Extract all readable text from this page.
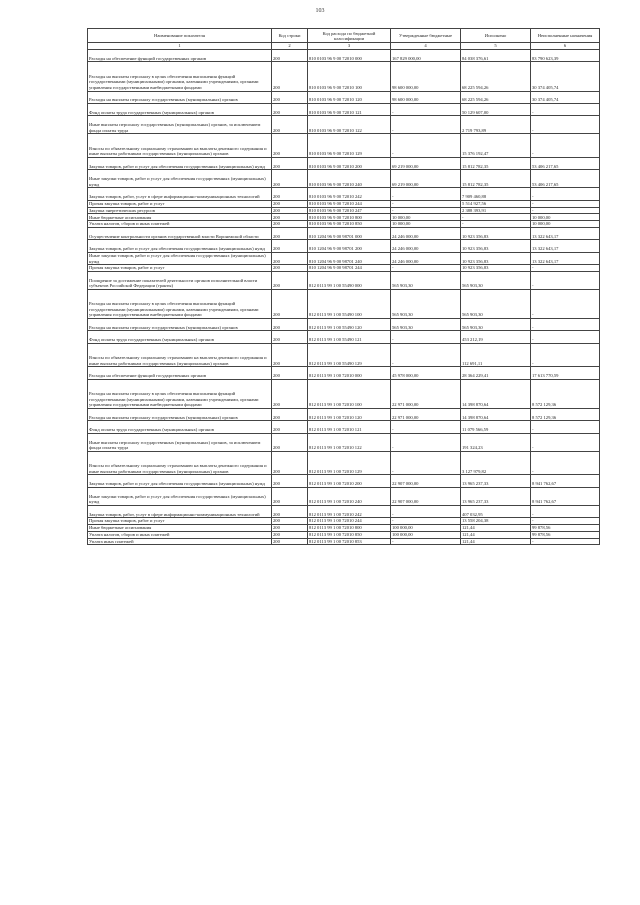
103
Наименование показателя	Код строки	Код расхода по бюджетной классификации	Утвержденные бюджетные	Исполнено	Неисполненные назначения
1	2	3	4	5	6
Расходы на обеспечение функций государственных органов	200	810 0103 96 9 00 72010 000	167 829 000,00	84 038 376,61	83 790 623,39
Расходы на выплаты персоналу в целях обеспечения выполнения функций государственными (муниципальными) органами, казенными учреждениями, органами управления государственными внебюджетными фондами	200	810 0103 96 9 00 72010 100	98 600 000,00	68 225 594,26	30 374 405,74
Расходы на выплаты персоналу государственных (муниципальных) органов	200	810 0103 96 9 00 72010 120	98 600 000,00	68 225 594,26	30 374 405,74
Фонд оплаты труда государственных (муниципальных) органов	200	810 0103 96 9 00 72010 121	-	50 129 607,00	-
Иные выплаты персоналу государственных (муниципальных) органов, за исключением фонда оплаты труда	200	810 0103 96 9 00 72010 122	-	2 719 793,89	-
Взносы по обязательному социальному страхованию на выплаты денежного содержания и иные выплаты работникам государственных (муниципальных) органов	200	810 0103 96 9 00 72010 129	-	15 376 192,47	-
Закупка товаров, работ и услуг для обеспечения государственных (муниципальных) нужд	200	810 0103 96 9 00 72010 200	69 219 000,00	15 812 782,35	53 406 217,65
Иные закупки товаров, работ и услуг для обеспечения государственных (муниципальных) нужд	200	810 0103 96 9 00 72010 240	69 219 000,00	15 812 782,35	53 406 217,65
Закупка товаров, работ, услуг в сфере информационно-коммуникационных технологий	200	810 0103 96 9 00 72010 242	-	7 909 460,88	-
Прочая закупка товаров, работ и услуг	200	810 0103 96 9 00 72010 244	-	5 514 927,56	-
Закупка энергетических ресурсов	200	810 0103 96 9 00 72010 247	-	2 388 393,91	-
Иные бюджетные ассигнования	200	810 0103 96 9 00 72010 800	10 000,00	-	10 000,00
Уплата налогов, сборов и иных платежей	200	810 0103 96 9 00 72010 850	10 000,00	-	10 000,00
Осуществление контрольности органов государственной власти Воронежской области	200	810 1204 96 9 00 98701 000	24 246 000,00	10 923 356,83	13 322 643,17
Закупка товаров, работ и услуг для обеспечения государственных (муниципальных) нужд	200	810 1204 96 9 00 98701 200	24 246 000,00	10 923 356,83	13 322 643,17
Иные закупки товаров, работ и услуг для обеспечения государственных (муниципальных) нужд	200	810 1204 96 9 00 98701 240	24 246 000,00	10 923 356,83	13 322 643,17
Прочая закупка товаров, работ и услуг	200	810 1204 96 9 00 98701 244	-	10 923 356,83	-
Поощрение за достижение показателей деятельности органов исполнительной власти субъектов Российской Федерации (гранты)	200	812 0113 99 1 00 55490 000	565 903,30	565 903,30	-
Расходы на выплаты персоналу в целях обеспечения выполнения функций государственными (муниципальными) органами, казенными учреждениями, органами управления государственными внебюджетными фондами	200	812 0113 99 1 00 55490 100	565 903,30	565 903,30	-
Расходы на выплаты персоналу государственных (муниципальных) органов	200	812 0113 99 1 00 55490 120	565 903,30	565 903,30	-
Фонд оплаты труда государственных (муниципальных) органов	200	812 0113 99 1 00 55490 121	-	453 212,19	-
Взносы по обязательному социальному страхованию на выплаты денежного содержания и иные выплаты работникам государственных (муниципальных) органов	200	812 0113 99 1 00 55490 129	-	112 691,11	-
Расходы на обеспечение функций государственных органов	200	812 0113 99 1 00 72010 000	45 978 000,00	28 364 229,41	17 613 770,59
Расходы на выплаты персоналу в целях обеспечения выполнения функций государственными (муниципальными) органами, казенными учреждениями, органами управления государственными внебюджетными фондами	200	812 0113 99 1 00 72010 100	22 971 000,00	14 398 870,64	8 572 129,36
Расходы на выплаты персоналу государственных (муниципальных) органов	200	812 0113 99 1 00 72010 120	22 971 000,00	14 398 870,64	8 572 129,36
Фонд оплаты труда государственных (муниципальных) органов	200	812 0113 99 1 00 72010 121	-	11 079 566,59	-
Иные выплаты персоналу государственных (муниципальных) органов, за исключением фонда оплаты труда	200	812 0113 99 1 00 72010 122	-	191 324,23	-
Взносы по обязательному социальному страхованию на выплаты денежного содержания и иные выплаты работникам государственных (муниципальных) органов	200	812 0113 99 1 00 72010 129	-	3 127 979,82	-
Закупка товаров, работ и услуг для обеспечения государственных (муниципальных) нужд	200	812 0113 99 1 00 72010 200	22 907 000,00	13 965 237,33	8 941 762,67
Иные закупки товаров, работ и услуг для обеспечения государственных (муниципальных) нужд	200	812 0113 99 1 00 72010 240	22 907 000,00	13 965 237,33	8 941 762,67
Закупка товаров, работ, услуг в сфере информационно-коммуникационных технологий	200	812 0113 99 1 00 72010 242	-	407 032,95	-
Прочая закупка товаров, работ и услуг	200	812 0113 99 1 00 72010 244	-	13 558 204,38	-
Иные бюджетные ассигнования	200	812 0113 99 1 00 72010 800	100 000,00	121,44	99 878,56
Уплата налогов, сборов и иных платежей	200	812 0113 99 1 00 72010 850	100 000,00	121,44	99 878,56
Уплата иных платежей	200	812 0113 99 1 00 72010 853	-	121,44	-
